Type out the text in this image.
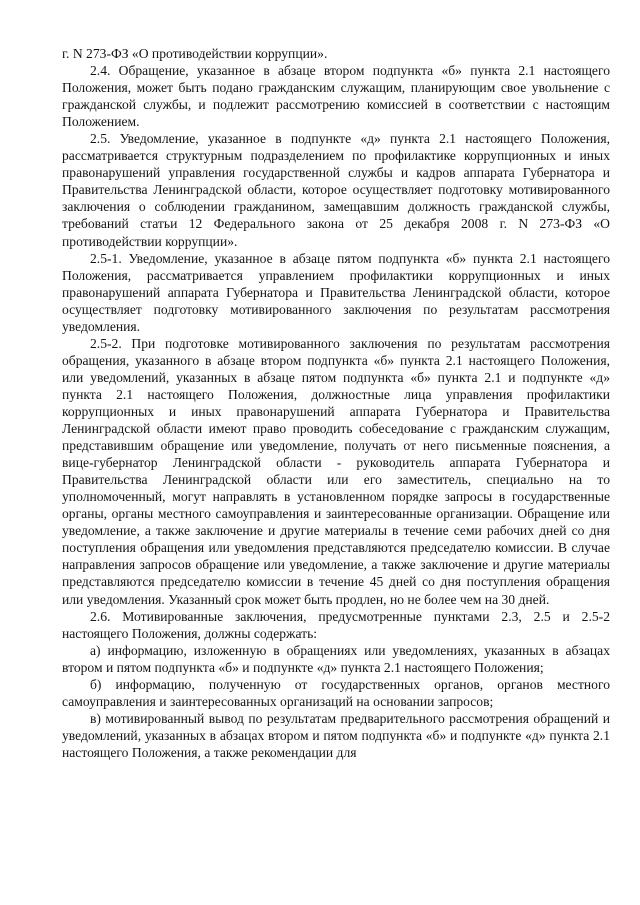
г. N 273-ФЗ «О противодействии коррупции».

2.4. Обращение, указанное в абзаце втором подпункта «б» пункта 2.1 настоящего Положения, может быть подано гражданским служащим, планирующим свое увольнение с гражданской службы, и подлежит рассмотрению комиссией в соответствии с настоящим Положением.

2.5. Уведомление, указанное в подпункте «д» пункта 2.1 настоящего Положения, рассматривается структурным подразделением по профилактике коррупционных и иных правонарушений управления государственной службы и кадров аппарата Губернатора и Правительства Ленинградской области, которое осуществляет подготовку мотивированного заключения о соблюдении гражданином, замещавшим должность гражданской службы, требований статьи 12 Федерального закона от 25 декабря 2008 г. N 273-ФЗ «О противодействии коррупции».

2.5-1. Уведомление, указанное в абзаце пятом подпункта «б» пункта 2.1 настоящего Положения, рассматривается управлением профилактики коррупционных и иных правонарушений аппарата Губернатора и Правительства Ленинградской области, которое осуществляет подготовку мотивированного заключения по результатам рассмотрения уведомления.

2.5-2. При подготовке мотивированного заключения по результатам рассмотрения обращения, указанного в абзаце втором подпункта «б» пункта 2.1 настоящего Положения, или уведомлений, указанных в абзаце пятом подпункта «б» пункта 2.1 и подпункте «д» пункта 2.1 настоящего Положения, должностные лица управления профилактики коррупционных и иных правонарушений аппарата Губернатора и Правительства Ленинградской области имеют право проводить собеседование с гражданским служащим, представившим обращение или уведомление, получать от него письменные пояснения, а вице-губернатор Ленинградской области - руководитель аппарата Губернатора и Правительства Ленинградской области или его заместитель, специально на то уполномоченный, могут направлять в установленном порядке запросы в государственные органы, органы местного самоуправления и заинтересованные организации. Обращение или уведомление, а также заключение и другие материалы в течение семи рабочих дней со дня поступления обращения или уведомления представляются председателю комиссии. В случае направления запросов обращение или уведомление, а также заключение и другие материалы представляются председателю комиссии в течение 45 дней со дня поступления обращения или уведомления. Указанный срок может быть продлен, но не более чем на 30 дней.

2.6. Мотивированные заключения, предусмотренные пунктами 2.3, 2.5 и 2.5-2 настоящего Положения, должны содержать:

а) информацию, изложенную в обращениях или уведомлениях, указанных в абзацах втором и пятом подпункта «б» и подпункте «д» пункта 2.1 настоящего Положения;

б) информацию, полученную от государственных органов, органов местного самоуправления и заинтересованных организаций на основании запросов;

в) мотивированный вывод по результатам предварительного рассмотрения обращений и уведомлений, указанных в абзацах втором и пятом подпункта «б» и подпункте «д» пункта 2.1 настоящего Положения, а также рекомендации для
